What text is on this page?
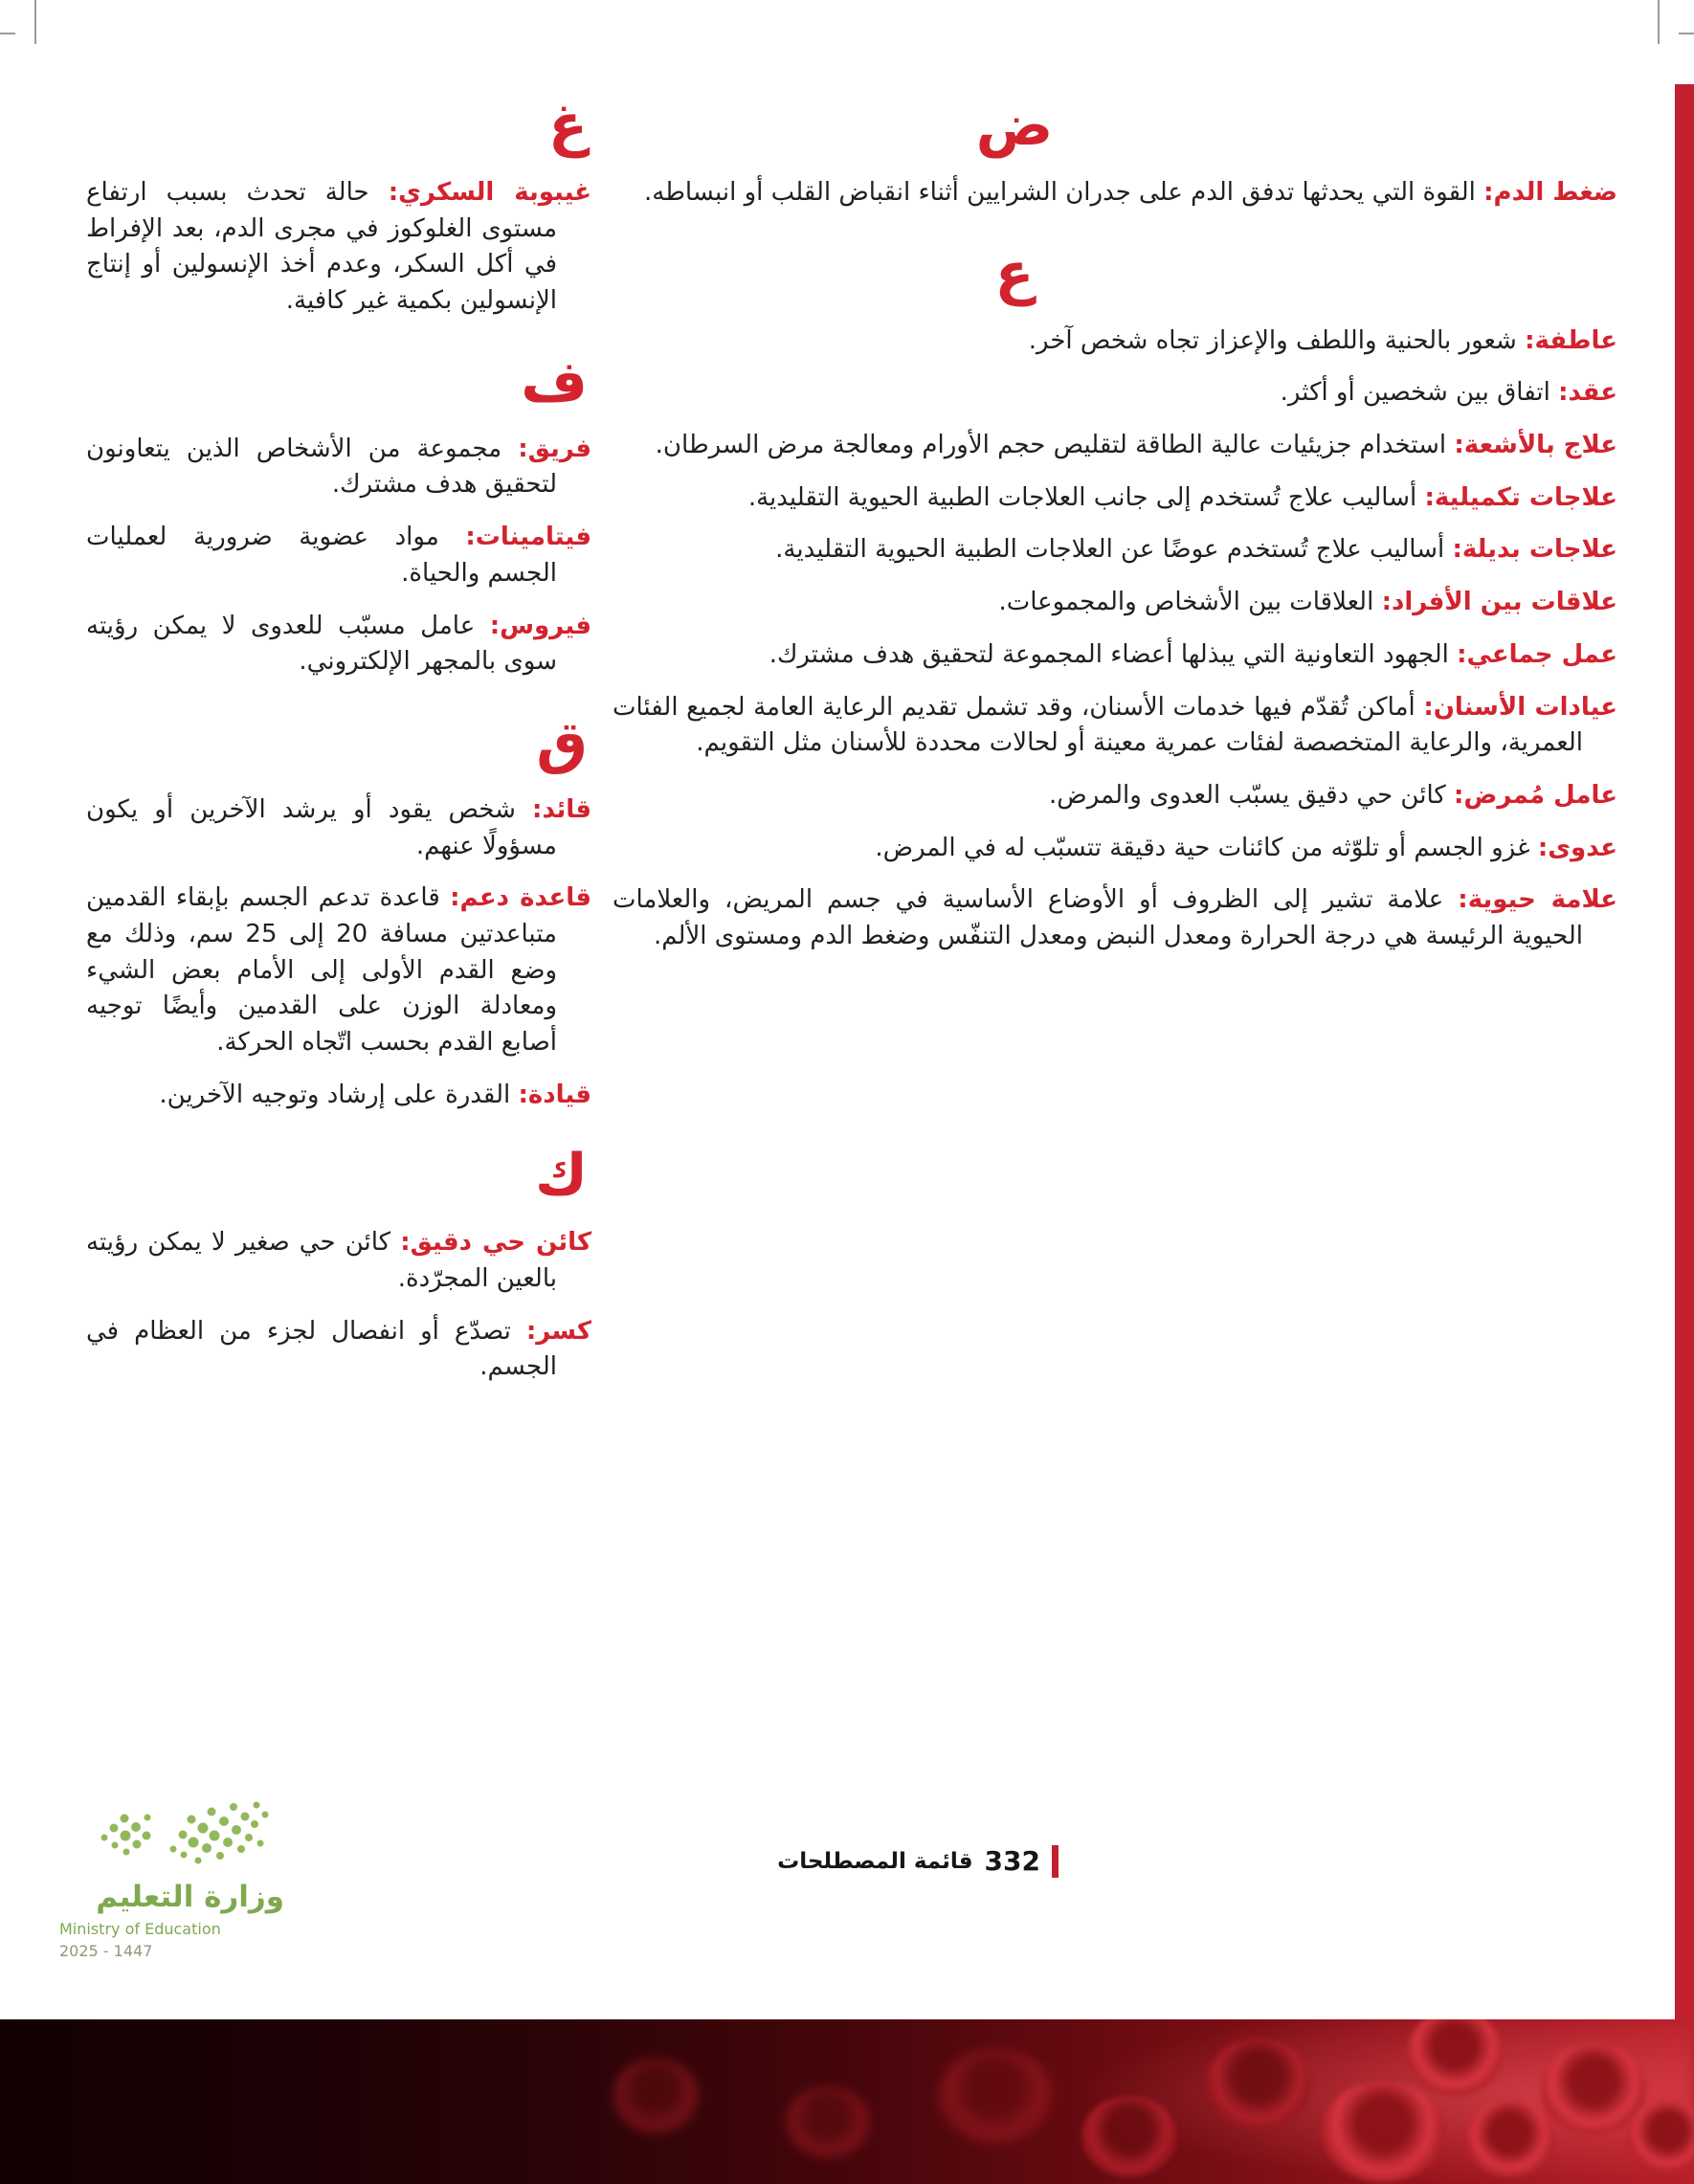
ض

ضغط الدم: القوة التي يحدثها تدفق الدم على جدران الشرايين أثناء انقباض القلب أو انبساطه.

ع

عاطفة: شعور بالحنية واللطف والإعزاز تجاه شخص آخر.

عقد: اتفاق بين شخصين أو أكثر.

علاج بالأشعة: استخدام جزيئيات عالية الطاقة لتقليص حجم الأورام ومعالجة مرض السرطان.

علاجات تكميلية: أساليب علاج تُستخدم إلى جانب العلاجات الطبية الحيوية التقليدية.

علاجات بديلة: أساليب علاج تُستخدم عوضًا عن العلاجات الطبية الحيوية التقليدية.

علاقات بين الأفراد: العلاقات بين الأشخاص والمجموعات.

عمل جماعي: الجهود التعاونية التي يبذلها أعضاء المجموعة لتحقيق هدف مشترك.

عيادات الأسنان: أماكن تُقدّم فيها خدمات الأسنان، وقد تشمل تقديم الرعاية العامة لجميع الفئات العمرية، والرعاية المتخصصة لفئات عمرية معينة أو لحالات محددة للأسنان مثل التقويم.

عامل مُمرض: كائن حي دقيق يسبّب العدوى والمرض.

عدوى: غزو الجسم أو تلوّثه من كائنات حية دقيقة تتسبّب له في المرض.

علامة حيوية: علامة تشير إلى الظروف أو الأوضاع الأساسية في جسم المريض، والعلامات الحيوية الرئيسة هي درجة الحرارة ومعدل النبض ومعدل التنفّس وضغط الدم ومستوى الألم.

غ

غيبوبة السكري: حالة تحدث بسبب ارتفاع مستوى الغلوكوز في مجرى الدم، بعد الإفراط في أكل السكر، وعدم أخذ الإنسولين أو إنتاج الإنسولين بكمية غير كافية.

ف

فريق: مجموعة من الأشخاص الذين يتعاونون لتحقيق هدف مشترك.

فيتامينات: مواد عضوية ضرورية لعمليات الجسم والحياة.

فيروس: عامل مسبّب للعدوى لا يمكن رؤيته سوى بالمجهر الإلكتروني.

ق

قائد: شخص يقود أو يرشد الآخرين أو يكون مسؤولًا عنهم.

قاعدة دعم: قاعدة تدعم الجسم بإبقاء القدمين متباعدتين مسافة 20 إلى 25 سم، وذلك مع وضع القدم الأولى إلى الأمام بعض الشيء ومعادلة الوزن على القدمين وأيضًا توجيه أصابع القدم بحسب اتّجاه الحركة.

قيادة: القدرة على إرشاد وتوجيه الآخرين.

ك

كائن حي دقيق: كائن حي صغير لا يمكن رؤيته بالعين المجرّدة.

كسر: تصدّع أو انفصال لجزء من العظام في الجسم.

332
قائمة المصطلحات
وزارة التعليم
Ministry of Education
2025 - 1447
